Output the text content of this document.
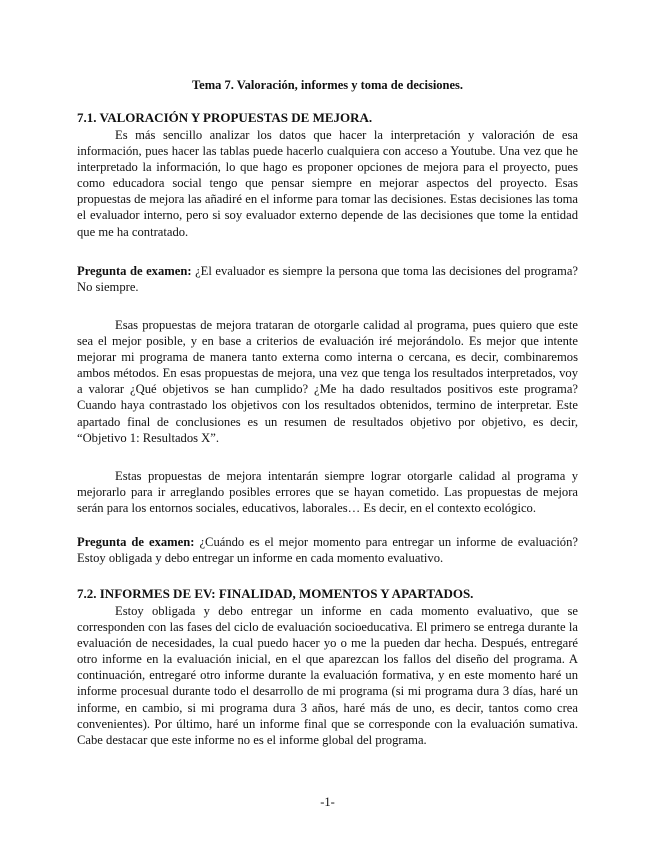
Tema 7. Valoración, informes y toma de decisiones.

7.1. VALORACIÓN Y PROPUESTAS DE MEJORA.

Es más sencillo analizar los datos que hacer la interpretación y valoración de esa información, pues hacer las tablas puede hacerlo cualquiera con acceso a Youtube. Una vez que he interpretado la información, lo que hago es proponer opciones de mejora para el proyecto, pues como educadora social tengo que pensar siempre en mejorar aspectos del proyecto. Esas propuestas de mejora las añadiré en el informe para tomar las decisiones. Estas decisiones las toma el evaluador interno, pero si soy evaluador externo depende de las decisiones que tome la entidad que me ha contratado.

Pregunta de examen: ¿El evaluador es siempre la persona que toma las decisiones del programa? No siempre.

Esas propuestas de mejora trataran de otorgarle calidad al programa, pues quiero que este sea el mejor posible, y en base a criterios de evaluación iré mejorándolo. Es mejor que intente mejorar mi programa de manera tanto externa como interna o cercana, es decir, combinaremos ambos métodos. En esas propuestas de mejora, una vez que tenga los resultados interpretados, voy a valorar ¿Qué objetivos se han cumplido? ¿Me ha dado resultados positivos este programa? Cuando haya contrastado los objetivos con los resultados obtenidos, termino de interpretar. Este apartado final de conclusiones es un resumen de resultados objetivo por objetivo, es decir, “Objetivo 1: Resultados X”.

Estas propuestas de mejora intentarán siempre lograr otorgarle calidad al programa y mejorarlo para ir arreglando posibles errores que se hayan cometido. Las propuestas de mejora serán para los entornos sociales, educativos, laborales… Es decir, en el contexto ecológico.

Pregunta de examen: ¿Cuándo es el mejor momento para entregar un informe de evaluación? Estoy obligada y debo entregar un informe en cada momento evaluativo.

7.2. INFORMES DE EV: FINALIDAD, MOMENTOS Y APARTADOS.

Estoy obligada y debo entregar un informe en cada momento evaluativo, que se corresponden con las fases del ciclo de evaluación socioeducativa. El primero se entrega durante la evaluación de necesidades, la cual puedo hacer yo o me la pueden dar hecha. Después, entregaré otro informe en la evaluación inicial, en el que aparezcan los fallos del diseño del programa. A continuación, entregaré otro informe durante la evaluación formativa, y en este momento haré un informe procesual durante todo el desarrollo de mi programa (si mi programa dura 3 días, haré un informe, en cambio, si mi programa dura 3 años, haré más de uno, es decir, tantos como crea convenientes). Por último, haré un informe final que se corresponde con la evaluación sumativa. Cabe destacar que este informe no es el informe global del programa.

-1-
